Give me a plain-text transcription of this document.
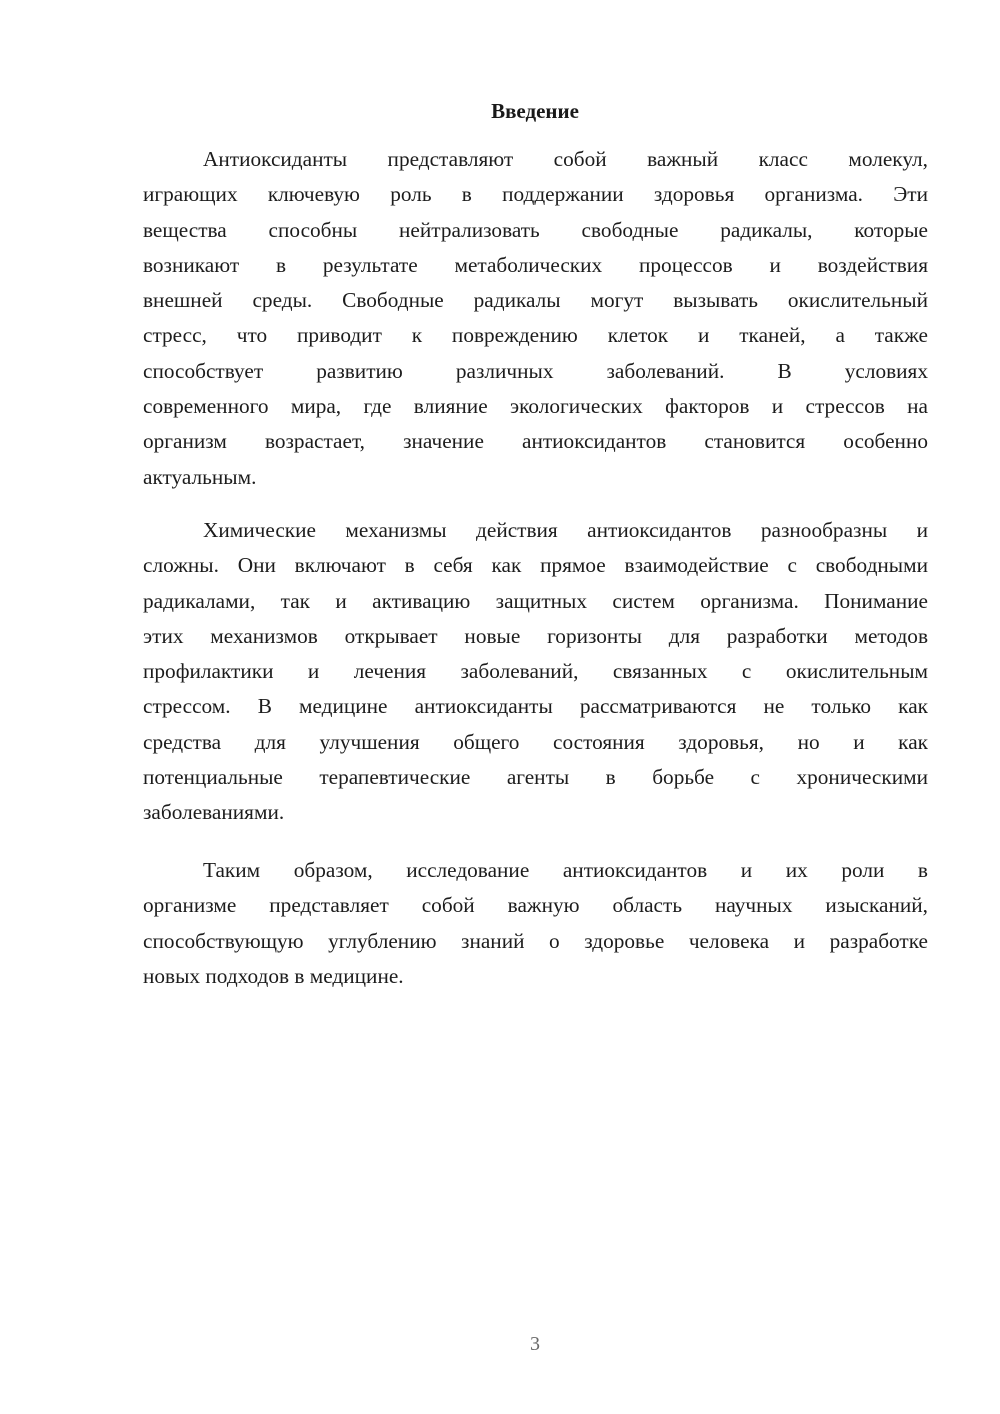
Введение
Антиоксиданты представляют собой важный класс молекул,
играющих ключевую роль в поддержании здоровья организма. Эти
вещества способны нейтрализовать свободные радикалы, которые
возникают в результате метаболических процессов и воздействия
внешней среды. Свободные радикалы могут вызывать окислительный
стресс, что приводит к повреждению клеток и тканей, а также
способствует развитию различных заболеваний. В условиях
современного мира, где влияние экологических факторов и стрессов на
организм возрастает, значение антиоксидантов становится особенно
актуальным.
Химические механизмы действия антиоксидантов разнообразны и
сложны. Они включают в себя как прямое взаимодействие с свободными
радикалами, так и активацию защитных систем организма. Понимание
этих механизмов открывает новые горизонты для разработки методов
профилактики и лечения заболеваний, связанных с окислительным
стрессом. В медицине антиоксиданты рассматриваются не только как
средства для улучшения общего состояния здоровья, но и как
потенциальные терапевтические агенты в борьбе с хроническими
заболеваниями.
Таким образом, исследование антиоксидантов и их роли в
организме представляет собой важную область научных изысканий,
способствующую углублению знаний о здоровье человека и разработке
новых подходов в медицине.
3
